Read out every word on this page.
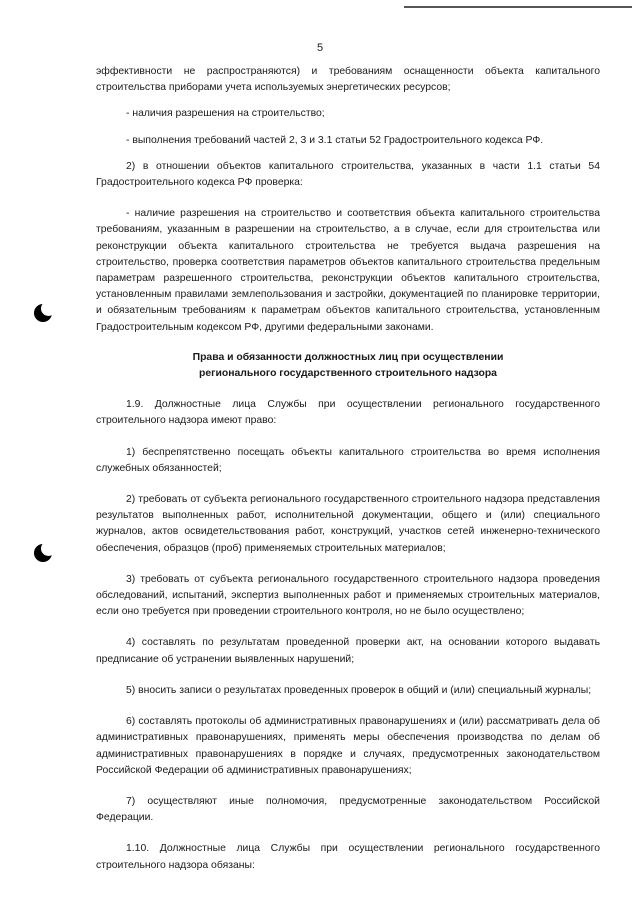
5

эффективности не распространяются) и требованиям оснащенности объекта капитального строительства приборами учета используемых энергетических ресурсов;

- наличия разрешения на строительство;

- выполнения требований частей 2, 3 и 3.1 статьи 52 Градостроительного кодекса РФ.

2) в отношении объектов капитального строительства, указанных в части 1.1 статьи 54 Градостроительного кодекса РФ проверка:

- наличие разрешения на строительство и соответствия объекта капитального строительства требованиям, указанным в разрешении на строительство, а в случае, если для строительства или реконструкции объекта капитального строительства не требуется выдача разрешения на строительство, проверка соответствия параметров объектов капитального строительства предельным параметрам разрешенного строительства, реконструкции объектов капитального строительства, установленным правилами землепользования и застройки, документацией по планировке территории, и обязательным требованиям к параметрам объектов капитального строительства, установленным Градостроительным кодексом РФ, другими федеральными законами.

Права и обязанности должностных лиц при осуществлении
регионального государственного строительного надзора

1.9. Должностные лица Службы при осуществлении регионального государственного строительного надзора имеют право:

1) беспрепятственно посещать объекты капитального строительства во время исполнения служебных обязанностей;

2) требовать от субъекта регионального государственного строительного надзора представления результатов выполненных работ, исполнительной документации, общего и (или) специального журналов, актов освидетельствования работ, конструкций, участков сетей инженерно-технического обеспечения, образцов (проб) применяемых строительных материалов;

3) требовать от субъекта регионального государственного строительного надзора проведения обследований, испытаний, экспертиз выполненных работ и применяемых строительных материалов, если оно требуется при проведении строительного контроля, но не было осуществлено;

4) составлять по результатам проведенной проверки акт, на основании которого выдавать предписание об устранении выявленных нарушений;

5) вносить записи о результатах проведенных проверок в общий и (или) специальный журналы;

6) составлять протоколы об административных правонарушениях и (или) рассматривать дела об административных правонарушениях, применять меры обеспечения производства по делам об административных правонарушениях в порядке и случаях, предусмотренных законодательством Российской Федерации об административных правонарушениях;

7) осуществляют иные полномочия, предусмотренные законодательством Российской Федерации.

1.10. Должностные лица Службы при осуществлении регионального государственного строительного надзора обязаны:
